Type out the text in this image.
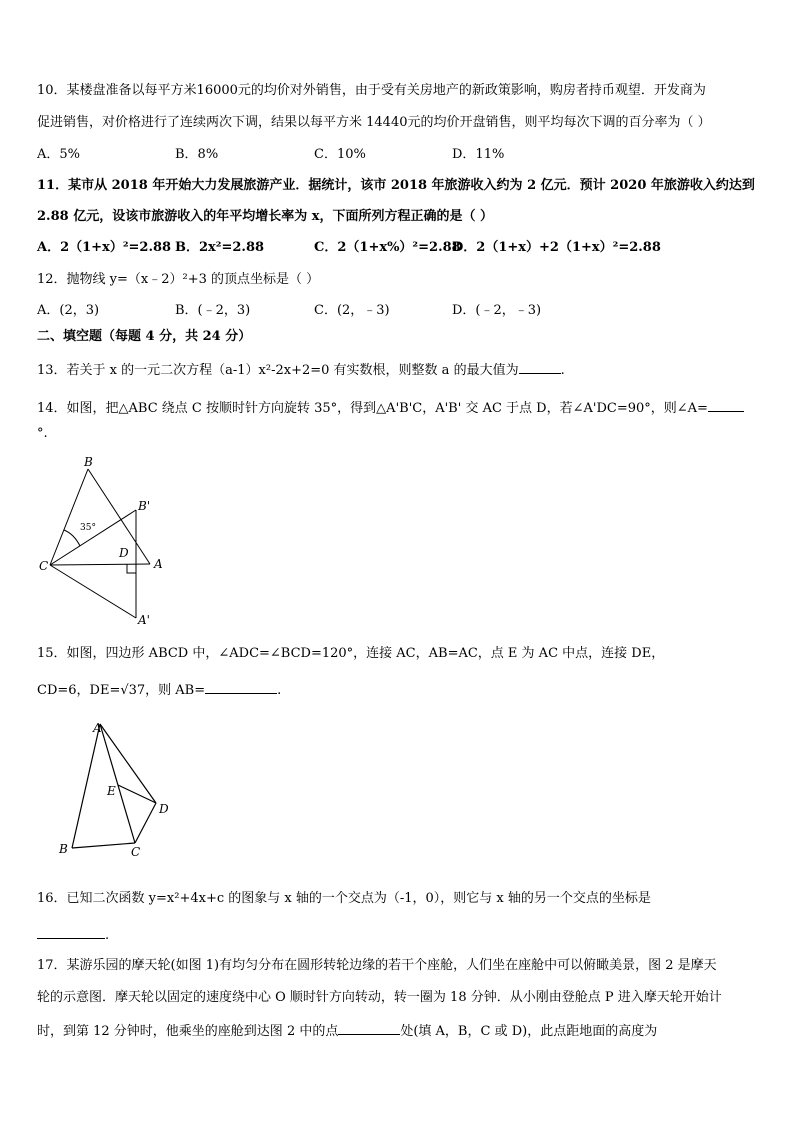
10．某楼盘准备以每平方米16000元的均价对外销售，由于受有关房地产的新政策影响，购房者持币观望．开发商为
促进销售，对价格进行了连续两次下调，结果以每平方米 14440元的均价开盘销售，则平均每次下调的百分率为（ ）
A．5%	B．8%	C．10%	D．11%
11．某市从 2018 年开始大力发展旅游产业．据统计，该市 2018 年旅游收入约为 2 亿元．预计 2020 年旅游收入约达到
2.88 亿元，设该市旅游收入的年平均增长率为 x，下面所列方程正确的是（ ）
A．2（1+x）²=2.88 B．2x²=2.88	C．2（1+x%）²=2.88
D．2（1+x）+2（1+x）²=2.88
12．抛物线 y=（x﹣2）²+3 的顶点坐标是（ ）
A．(2，3)	B．(﹣2，3)	C．(2，﹣3)	D．(﹣2，﹣3)
二、填空题（每题 4 分，共 24 分）
13．若关于 x 的一元二次方程（a-1）x²-2x+2=0 有实数根，则整数 a 的最大值为	.
14．如图，把△ABC 绕点 C 按顺时针方向旋转 35°，得到△A'B'C，A'B' 交 AC 于点 D，若∠A'DC=90°，则∠A=
°.
B
B'
35°
D
C	A
A'
15．如图，四边形 ABCD 中，∠ADC=∠BCD=120°，连接 AC，AB=AC，点 E 为 AC 中点，连接 DE，
CD=6，DE=√37，则 AB=	.
A
E
D
B	C
16．已知二次函数 y=x²+4x+c 的图象与 x 轴的一个交点为（-1，0），则它与 x 轴的另一个交点的坐标是
.
17．某游乐园的摩天轮(如图 1)有均匀分布在圆形转轮边缘的若干个座舱，人们坐在座舱中可以俯瞰美景，图 2 是摩天
轮的示意图．摩天轮以固定的速度绕中心 O 顺时针方向转动，转一圈为 18 分钟．从小刚由登舱点 P 进入摩天轮开始计
时，到第 12 分钟时，他乘坐的座舱到达图 2 中的点	处(填 A，B，C 或 D)，此点距地面的高度为
